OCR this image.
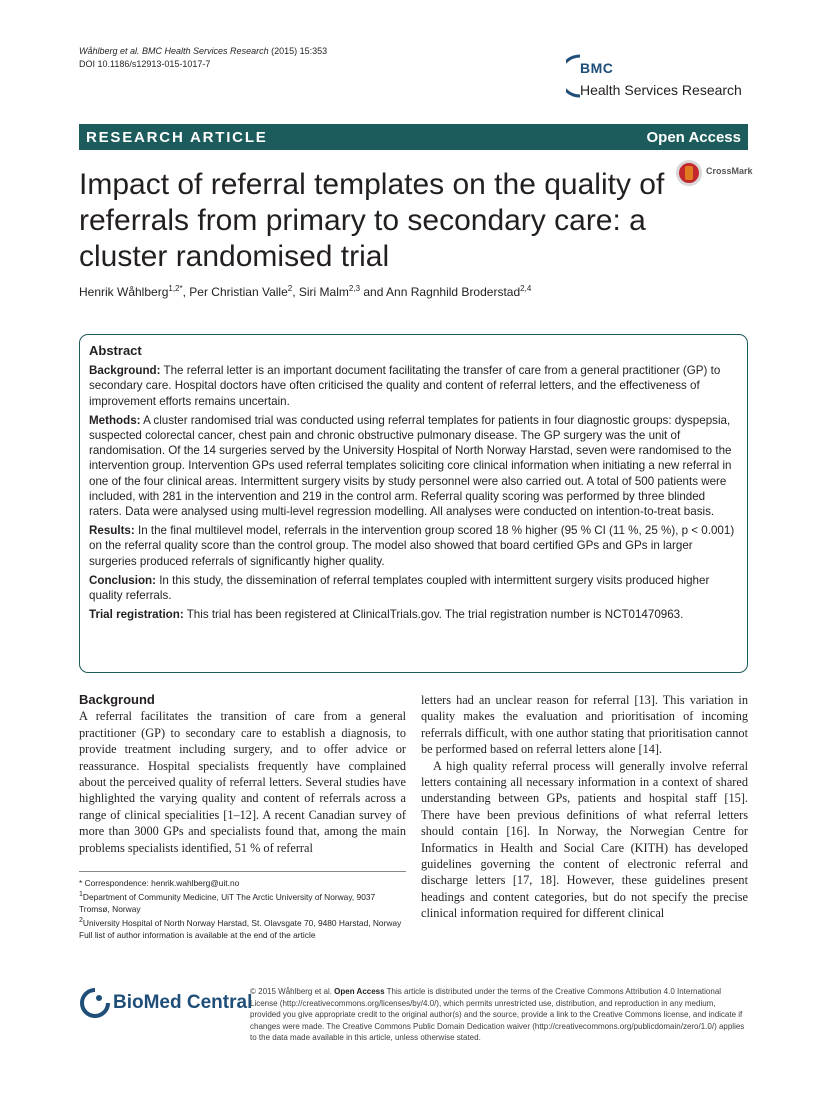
Wåhlberg et al. BMC Health Services Research (2015) 15:353
DOI 10.1186/s12913-015-1017-7	BMC
Health Services Research
RESEARCH ARTICLE	Open Access
CrossMark
Impact of referral templates on the quality of referrals from primary to secondary care: a cluster randomised trial
Henrik Wåhlberg$^{1,2*}$, Per Christian Valle$^2$, Siri Malm$^{2,3}$ and Ann Ragnhild Broderstad$^{2,4}$
Abstract

Background: The referral letter is an important document facilitating the transfer of care from a general practitioner (GP) to secondary care. Hospital doctors have often criticised the quality and content of referral letters, and the effectiveness of improvement efforts remains uncertain.

Methods: A cluster randomised trial was conducted using referral templates for patients in four diagnostic groups: dyspepsia, suspected colorectal cancer, chest pain and chronic obstructive pulmonary disease. The GP surgery was the unit of randomisation. Of the 14 surgeries served by the University Hospital of North Norway Harstad, seven were randomised to the intervention group. Intervention GPs used referral templates soliciting core clinical information when initiating a new referral in one of the four clinical areas. Intermittent surgery visits by study personnel were also carried out. A total of 500 patients were included, with 281 in the intervention and 219 in the control arm. Referral quality scoring was performed by three blinded raters. Data were analysed using multi-level regression modelling. All analyses were conducted on intention-to-treat basis.

Results: In the final multilevel model, referrals in the intervention group scored 18 % higher (95 % CI (11 %, 25 %), p < 0.001) on the referral quality score than the control group. The model also showed that board certified GPs and GPs in larger surgeries produced referrals of significantly higher quality.

Conclusion: In this study, the dissemination of referral templates coupled with intermittent surgery visits produced higher quality referrals.

Trial registration: This trial has been registered at ClinicalTrials.gov. The trial registration number is NCT01470963.

Background

A referral facilitates the transition of care from a general practitioner (GP) to secondary care to establish a diagnosis, to provide treatment including surgery, and to offer advice or reassurance. Hospital specialists frequently have complained about the perceived quality of referral letters. Several studies have highlighted the varying quality and content of referrals across a range of clinical specialities [1–12]. A recent Canadian survey of more than 3000 GPs and specialists found that, among the main problems specialists identified, 51 % of referral

letters had an unclear reason for referral [13]. This variation in quality makes the evaluation and prioritisation of incoming referrals difficult, with one author stating that prioritisation cannot be performed based on referral letters alone [14].

A high quality referral process will generally involve referral letters containing all necessary information in a context of shared understanding between GPs, patients and hospital staff [15]. There have been previous definitions of what referral letters should contain [16]. In Norway, the Norwegian Centre for Informatics in Health and Social Care (KITH) has developed guidelines governing the content of electronic referral and discharge letters [17, 18]. However, these guidelines present headings and content categories, but do not specify the precise clinical information required for different clinical

* Correspondence: henrik.wahlberg@uit.no
$^1$Department of Community Medicine, UiT The Arctic University of Norway, 9037 Tromsø, Norway
$^2$University Hospital of North Norway Harstad, St. Olavsgate 70, 9480 Harstad, Norway
Full list of author information is available at the end of the article
BioMed Central
© 2015 Wåhlberg et al. Open Access This article is distributed under the terms of the Creative Commons Attribution 4.0 International License (http://creativecommons.org/licenses/by/4.0/), which permits unrestricted use, distribution, and reproduction in any medium, provided you give appropriate credit to the original author(s) and the source, provide a link to the Creative Commons license, and indicate if changes were made. The Creative Commons Public Domain Dedication waiver (http://creativecommons.org/publicdomain/zero/1.0/) applies to the data made available in this article, unless otherwise stated.
